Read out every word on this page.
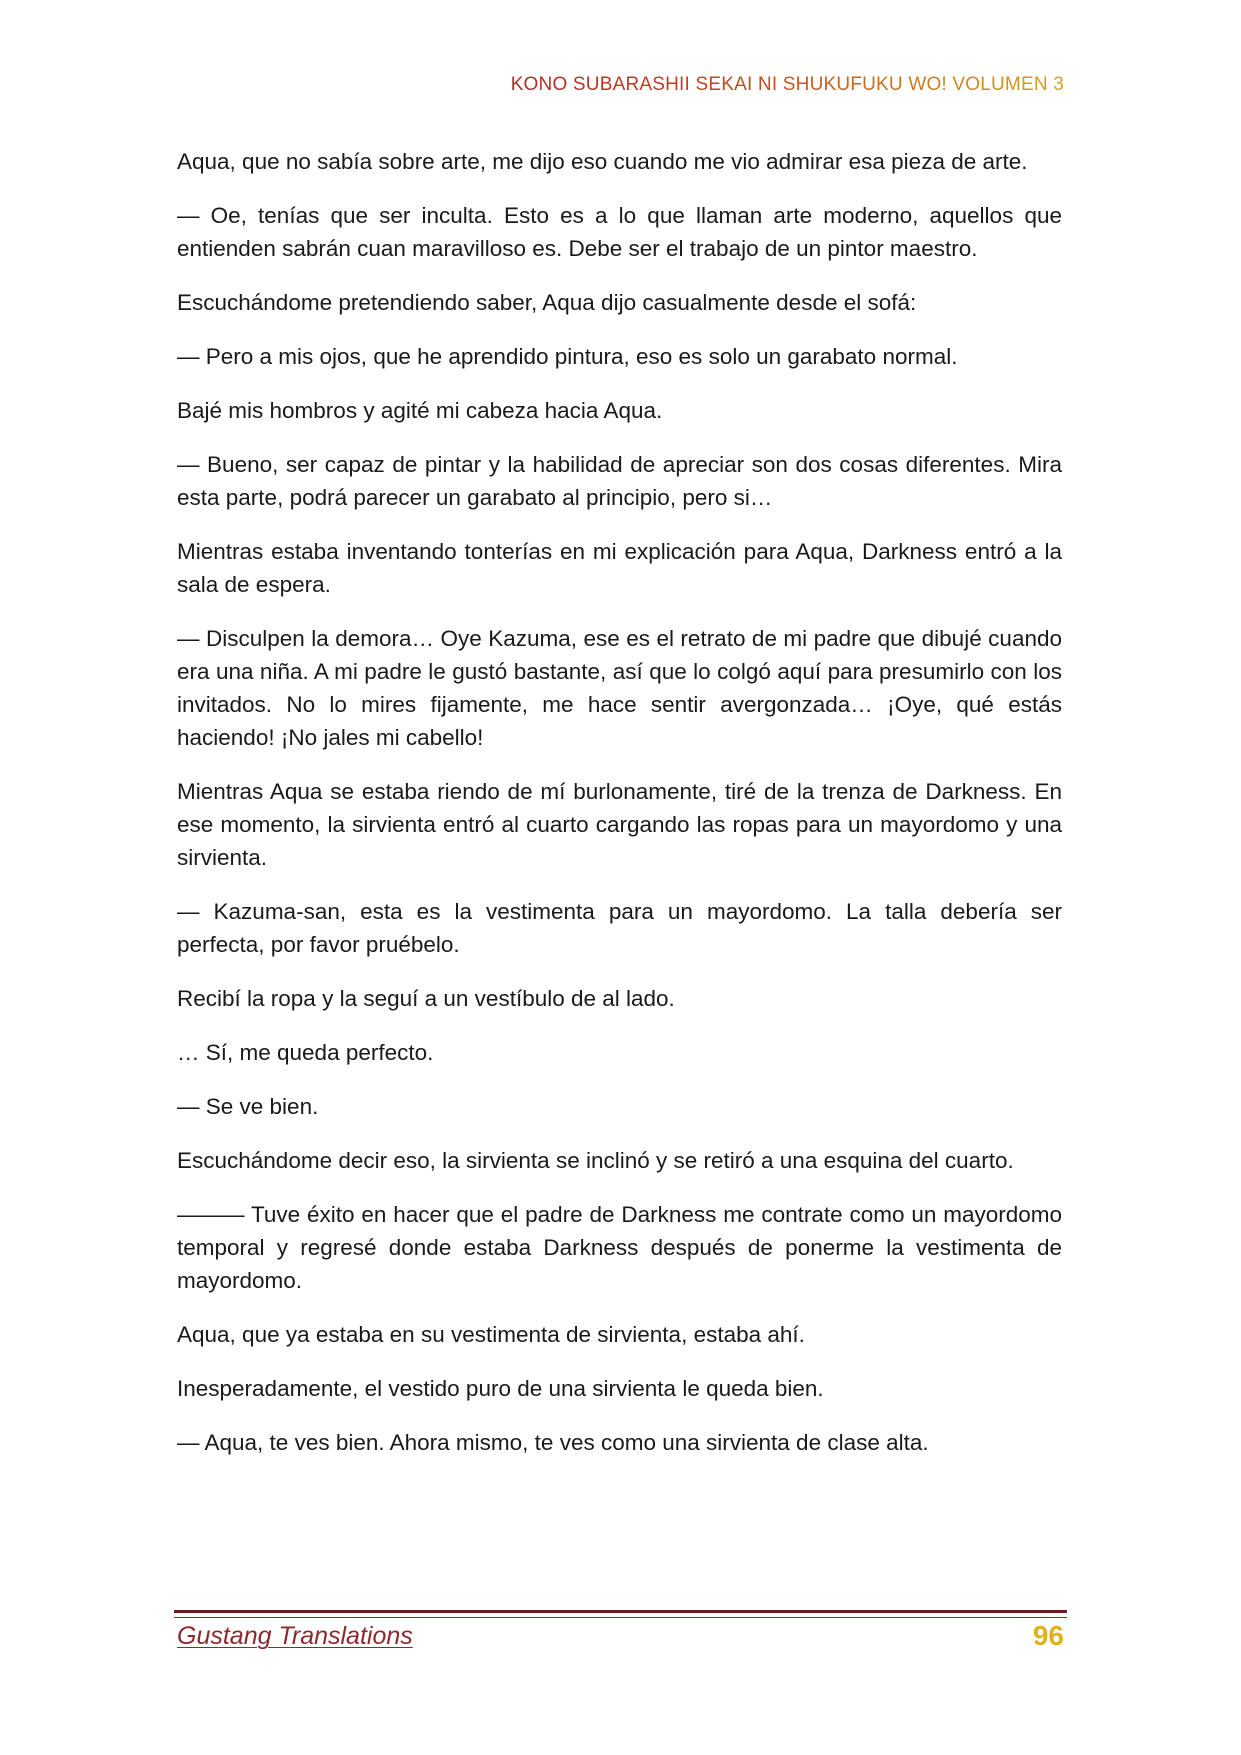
KONO SUBARASHII SEKAI NI SHUKUFUKU WO! VOLUMEN 3

Aqua, que no sabía sobre arte, me dijo eso cuando me vio admirar esa pieza de arte.

— Oe, tenías que ser inculta. Esto es a lo que llaman arte moderno, aquellos que entienden sabrán cuan maravilloso es. Debe ser el trabajo de un pintor maestro.

Escuchándome pretendiendo saber, Aqua dijo casualmente desde el sofá:

— Pero a mis ojos, que he aprendido pintura, eso es solo un garabato normal.

Bajé mis hombros y agité mi cabeza hacia Aqua.

— Bueno, ser capaz de pintar y la habilidad de apreciar son dos cosas diferentes. Mira esta parte, podrá parecer un garabato al principio, pero si…

Mientras estaba inventando tonterías en mi explicación para Aqua, Darkness entró a la sala de espera.

— Disculpen la demora… Oye Kazuma, ese es el retrato de mi padre que dibujé cuando era una niña. A mi padre le gustó bastante, así que lo colgó aquí para presumirlo con los invitados. No lo mires fijamente, me hace sentir avergonzada… ¡Oye, qué estás haciendo! ¡No jales mi cabello!

Mientras Aqua se estaba riendo de mí burlonamente, tiré de la trenza de Darkness. En ese momento, la sirvienta entró al cuarto cargando las ropas para un mayordomo y una sirvienta.

— Kazuma-san, esta es la vestimenta para un mayordomo. La talla debería ser perfecta, por favor pruébelo.

Recibí la ropa y la seguí a un vestíbulo de al lado.

… Sí, me queda perfecto.

— Se ve bien.

Escuchándome decir eso, la sirvienta se inclinó y se retiró a una esquina del cuarto.

——— Tuve éxito en hacer que el padre de Darkness me contrate como un mayordomo temporal y regresé donde estaba Darkness después de ponerme la vestimenta de mayordomo.

Aqua, que ya estaba en su vestimenta de sirvienta, estaba ahí.

Inesperadamente, el vestido puro de una sirvienta le queda bien.

— Aqua, te ves bien. Ahora mismo, te ves como una sirvienta de clase alta.

Gustang Translations	96
